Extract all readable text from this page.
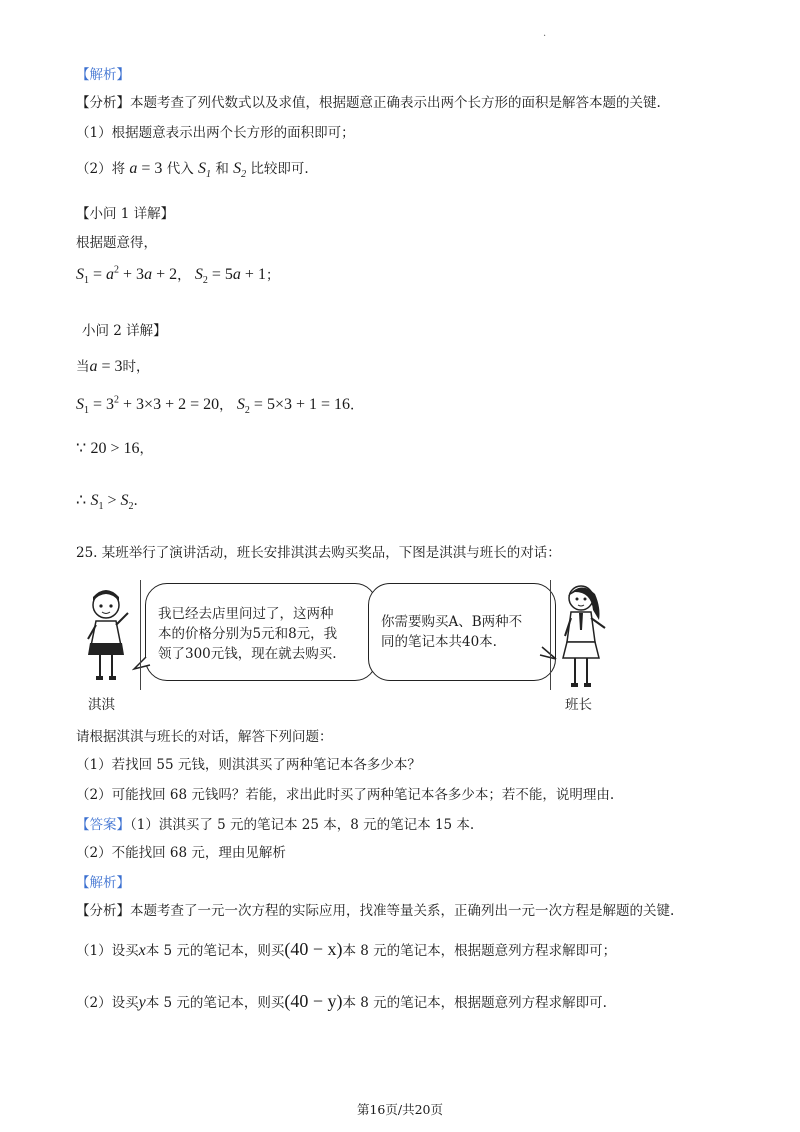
.
【解析】
【分析】本题考查了列代数式以及求值，根据题意正确表示出两个长方形的面积是解答本题的关键.
（1）根据题意表示出两个长方形的面积即可；
（2）将 a = 3 代入 $S_1$ 和 $S_2$ 比较即可.
【小问 1 详解】
根据题意得，
$S_1 = a^2 + 3a + 2$， $S_2 = 5a + 1$；
小问 2 详解】
当a = 3时，
$S_1 = 3^2 + 3\times 3 + 2 = 20$， $S_2 = 5\times 3 + 1 = 16$.
∵ 20 > 16，
∴ $S_1 > S_2$.
25. 某班举行了演讲活动，班长安排淇淇去购买奖品，下图是淇淇与班长的对话：
淇淇
我已经去店里问过了，这两种
本的价格分别为5元和8元，我
领了300元钱，现在就去购买.
你需要购买A、B两种不
同的笔记本共40本.
班长
请根据淇淇与班长的对话，解答下列问题：
（1）若找回 55 元钱，则淇淇买了两种笔记本各多少本？
（2）可能找回 68 元钱吗？若能，求出此时买了两种笔记本各多少本；若不能，说明理由.
【答案】（1）淇淇买了 5 元的笔记本 25 本，8 元的笔记本 15 本.
（2）不能找回 68 元，理由见解析
【解析】
【分析】本题考查了一元一次方程的实际应用，找准等量关系，正确列出一元一次方程是解题的关键.
（1）设买x本 5 元的笔记本，则买(40 − x)本 8 元的笔记本，根据题意列方程求解即可；
（2）设买y本 5 元的笔记本，则买(40 − y)本 8 元的笔记本，根据题意列方程求解即可.
第16页/共20页
